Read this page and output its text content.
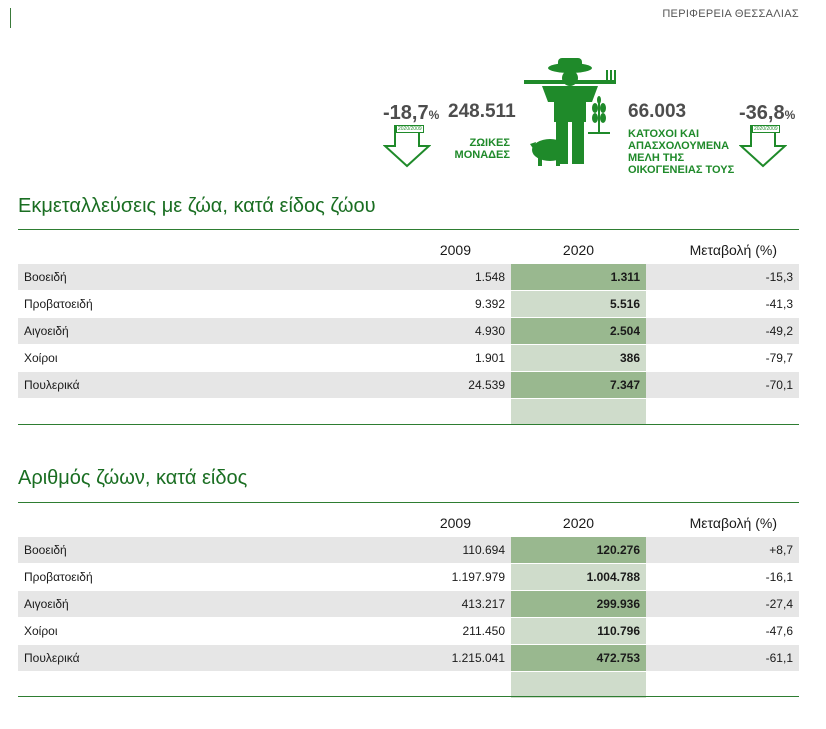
ΠΕΡΙΦΕΡΕΙΑ ΘΕΣΣΑΛΙΑΣ
-18,7%
2020/2009
248.511
ΖΩΙΚΕΣ
ΜΟΝΑΔΕΣ
66.003
ΚΑΤΟΧΟΙ ΚΑΙ
ΑΠΑΣΧΟΛΟΥΜΕΝΑ
ΜΕΛΗ ΤΗΣ
ΟΙΚΟΓΕΝΕΙΑΣ ΤΟΥΣ
-36,8%
2020/2009
Εκμεταλλεύσεις με ζώα, κατά είδος ζώου
	2009	2020	Μεταβολή (%)
Βοοειδή	1.548	1.311	-15,3
Προβατοειδή	9.392	5.516	-41,3
Αιγοειδή	4.930	2.504	-49,2
Χοίροι	1.901	386	-79,7
Πουλερικά	24.539	7.347	-70,1

Αριθμός ζώων, κατά είδος
	2009	2020	Μεταβολή (%)
Βοοειδή	110.694	120.276	+8,7
Προβατοειδή	1.197.979	1.004.788	-16,1
Αιγοειδή	413.217	299.936	-27,4
Χοίροι	211.450	110.796	-47,6
Πουλερικά	1.215.041	472.753	-61,1
